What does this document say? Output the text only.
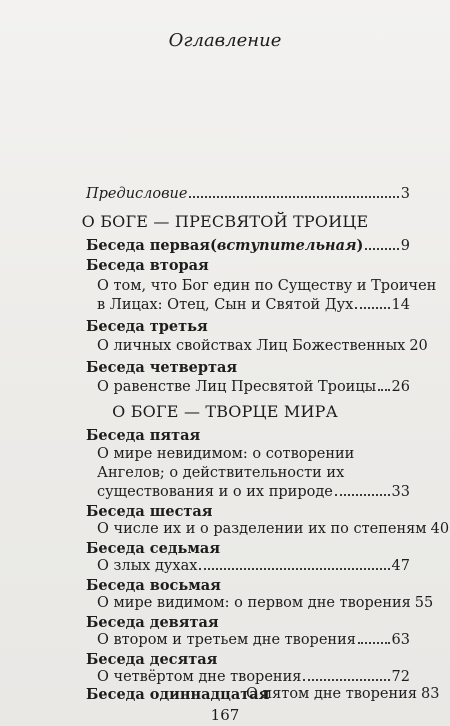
Оглавление
Предисловие	3
О БОГЕ — ПРЕСВЯТОЙ ТРОИЦЕ
Беседа первая ( вступительная )	9
Беседа вторая
О том, что Бог един по Существу и Троичен
в Лицах: Отец, Сын и Святой Дух	14
Беседа третья
О личных свойствах Лиц Божественных 20
Беседа четвертая
О равенстве Лиц Пресвятой Троицы 26
О БОГЕ — ТВОРЦЕ МИРА
Беседа пятая
О мире невидимом: о сотворении
Ангелов; о действительности их
существования и о их природе	33
Беседа шестая
О числе их и о разделении их по степеням 40
Беседа седьмая
О злых духах	47
Беседа восьмая
О мире видимом: о первом дне творения 55
Беседа девятая
О втором и третьем дне творения 63
Беседа десятая
О четвёртом дне творения	72
Беседа одиннадцатая
О пятом дне творения 83
167
